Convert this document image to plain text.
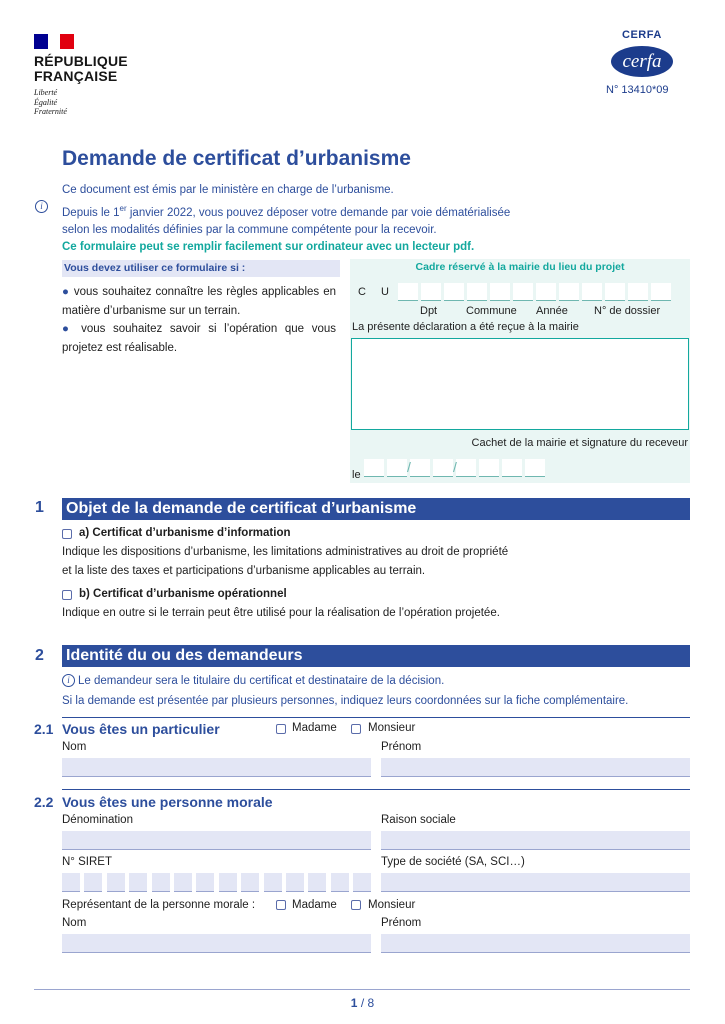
RÉPUBLIQUE
FRANÇAISE
Liberté
Égalité
Fraternité
CERFA
cerfa
N° 13410*09
Demande de certificat d’urbanisme
i
Ce document est émis par le ministère en charge de l’urbanisme.
Depuis le 1er janvier 2022, vous pouvez déposer votre demande par voie dématérialisée
selon les modalités définies par la commune compétente pour la recevoir.
Ce formulaire peut se remplir facilement sur ordinateur avec un lecteur pdf.
Vous devez utiliser ce formulaire si :
● vous souhaitez connaître les règles applicables en matière d’urbanisme sur un terrain.
● vous souhaitez savoir si l’opération que vous projetez est réalisable.
Cadre réservé à la mairie du lieu du projet
C	U
Dpt	Commune Année N° de dossier
La présente déclaration a été reçue à la mairie
Cachet de la mairie et signature du receveur
le	/	/
1 Objet de la demande de certificat d’urbanisme
a) Certificat d’urbanisme d’information
Indique les dispositions d’urbanisme, les limitations administratives au droit de propriété
et la liste des taxes et participations d’urbanisme applicables au terrain.
b) Certificat d’urbanisme opérationnel
Indique en outre si le terrain peut être utilisé pour la réalisation de l’opération projetée.
2 Identité du ou des demandeurs
i Le demandeur sera le titulaire du certificat et destinataire de la décision.
Si la demande est présentée par plusieurs personnes, indiquez leurs coordonnées sur la fiche complémentaire.
2.1 Vous êtes un particulier	Madame	Monsieur
Nom	Prénom
2.2 Vous êtes une personne morale
Dénomination	Raison sociale
N° SIRET	Type de société (SA, SCI…)
Représentant de la personne morale :	Madame	Monsieur
Nom	Prénom
1 / 8
